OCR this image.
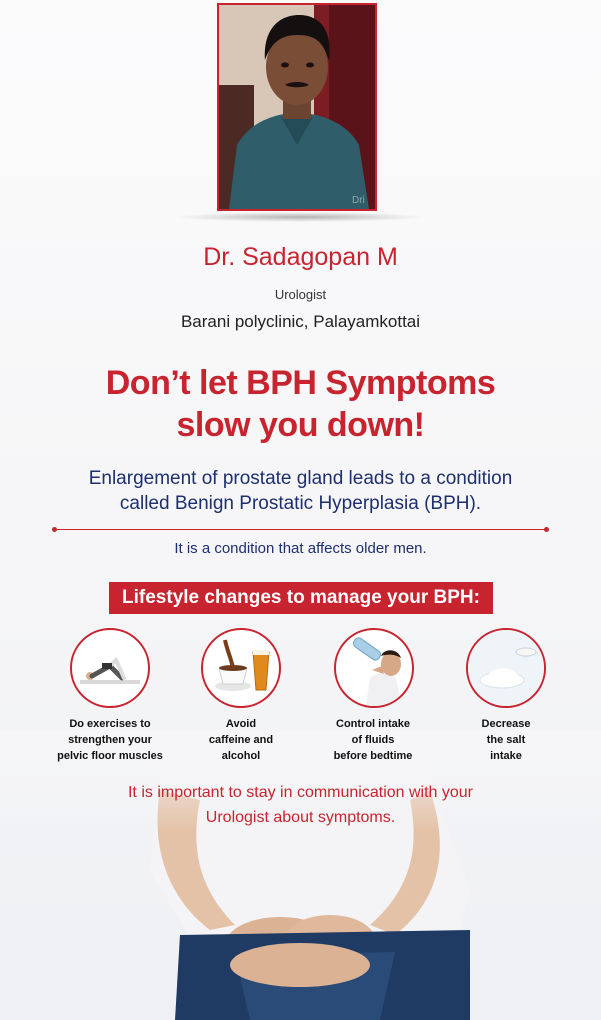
Dri
Dr. Sadagopan M
Urologist
Barani polyclinic, Palayamkottai
Don’t let BPH Symptoms
slow you down!
Enlargement of prostate gland leads to a condition
called Benign Prostatic Hyperplasia (BPH).
It is a condition that affects older men.
Lifestyle changes to manage your BPH:
Do exercises to
strengthen your
pelvic floor muscles
Avoid
caffeine and
alcohol
Control intake
of fluids
before bedtime
Decrease
the salt
intake
It is important to stay in communication with your
Urologist about symptoms.
